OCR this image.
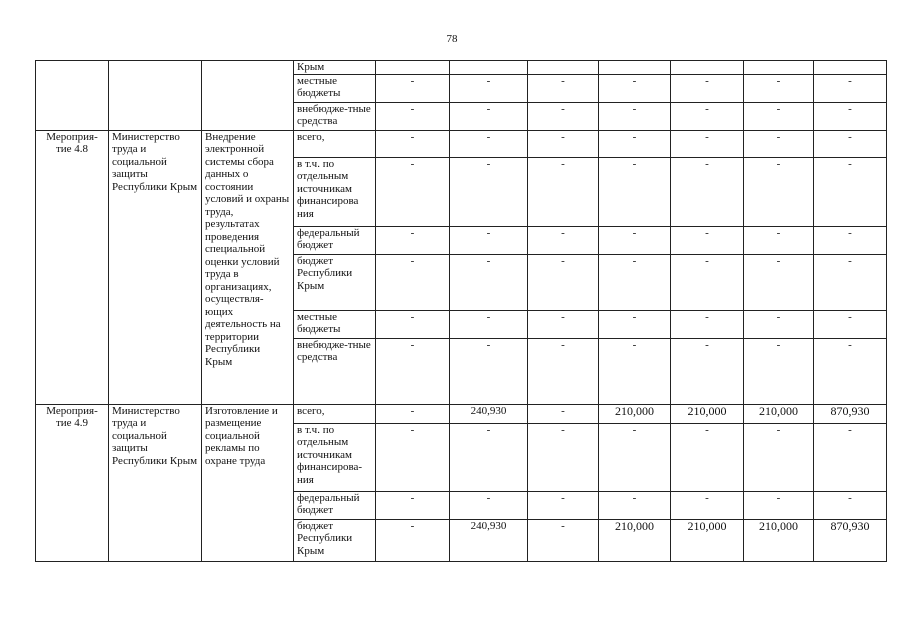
78
			Крым							
			местные бюджеты	-	-	-	-	-	-	-
			внебюдже-тные средства	-	-	-	-	-	-	-
Мероприя-тие 4.8	Министерство труда и социальной защиты Республики Крым	Внедрение электронной системы сбора данных о состоянии условий и охраны труда, результатах проведения специальной оценки условий труда в организациях, осуществля-ющих деятельность на территории Республики Крым	всего,	-	-	-	-	-	-	-
			в т.ч. по отдельным источникам финансирова ния	-	-	-	-	-	-	-
			федеральный бюджет	-	-	-	-	-	-	-
			бюджет Республики Крым	-	-	-	-	-	-	-
			местные бюджеты	-	-	-	-	-	-	-
			внебюдже-тные средства	-	-	-	-	-	-	-
Мероприя-тие 4.9	Министерство труда и социальной защиты Республики Крым	Изготовление и размещение социальной рекламы по охране труда	всего,	-	240,930	-	210,000	210,000	210,000	870,930
			в т.ч. по отдельным источникам финансирова-ния	-	-	-	-	-	-	-
			федеральный бюджет	-	-	-	-	-	-	-
			бюджет Республики Крым	-	240,930	-	210,000	210,000	210,000	870,930
